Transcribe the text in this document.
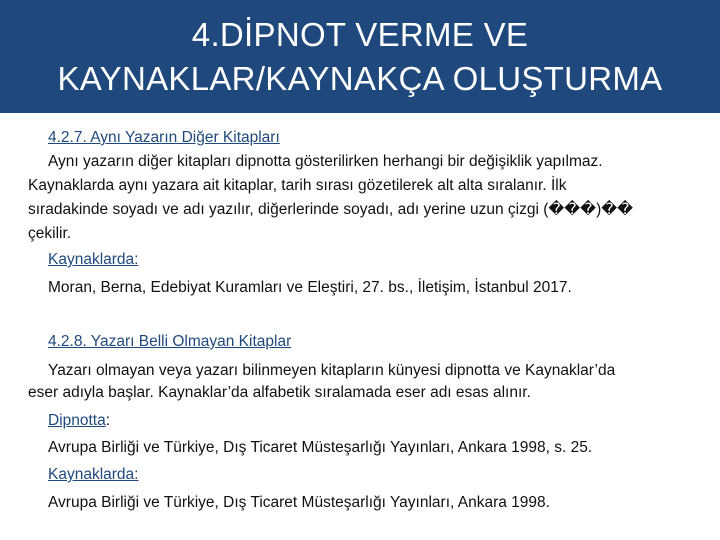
4.DİPNOT VERME VE
KAYNAKLAR/KAYNAKÇA OLUŞTURMA
4.2.7. Aynı Yazarın Diğer Kitapları
Aynı yazarın diğer kitapları dipnotta gösterilirken herhangi bir değişiklik yapılmaz.
Kaynaklarda aynı yazara ait kitaplar, tarih sırası gözetilerek alt alta sıralanır. İlk
sıradakinde soyadı ve adı yazılır, diğerlerinde soyadı, adı yerine uzun çizgi (���)��
çekilir.
Kaynaklarda:
Moran, Berna, Edebiyat Kuramları ve Eleştiri, 27. bs., İletişim, İstanbul 2017.
4.2.8. Yazarı Belli Olmayan Kitaplar
Yazarı olmayan veya yazarı bilinmeyen kitapların künyesi dipnotta ve Kaynaklar’da
eser adıyla başlar. Kaynaklar’da alfabetik sıralamada eser adı esas alınır.
Dipnotta:
Avrupa Birliği ve Türkiye, Dış Ticaret Müsteşarlığı Yayınları, Ankara 1998, s. 25.
Kaynaklarda:
Avrupa Birliği ve Türkiye, Dış Ticaret Müsteşarlığı Yayınları, Ankara 1998.
